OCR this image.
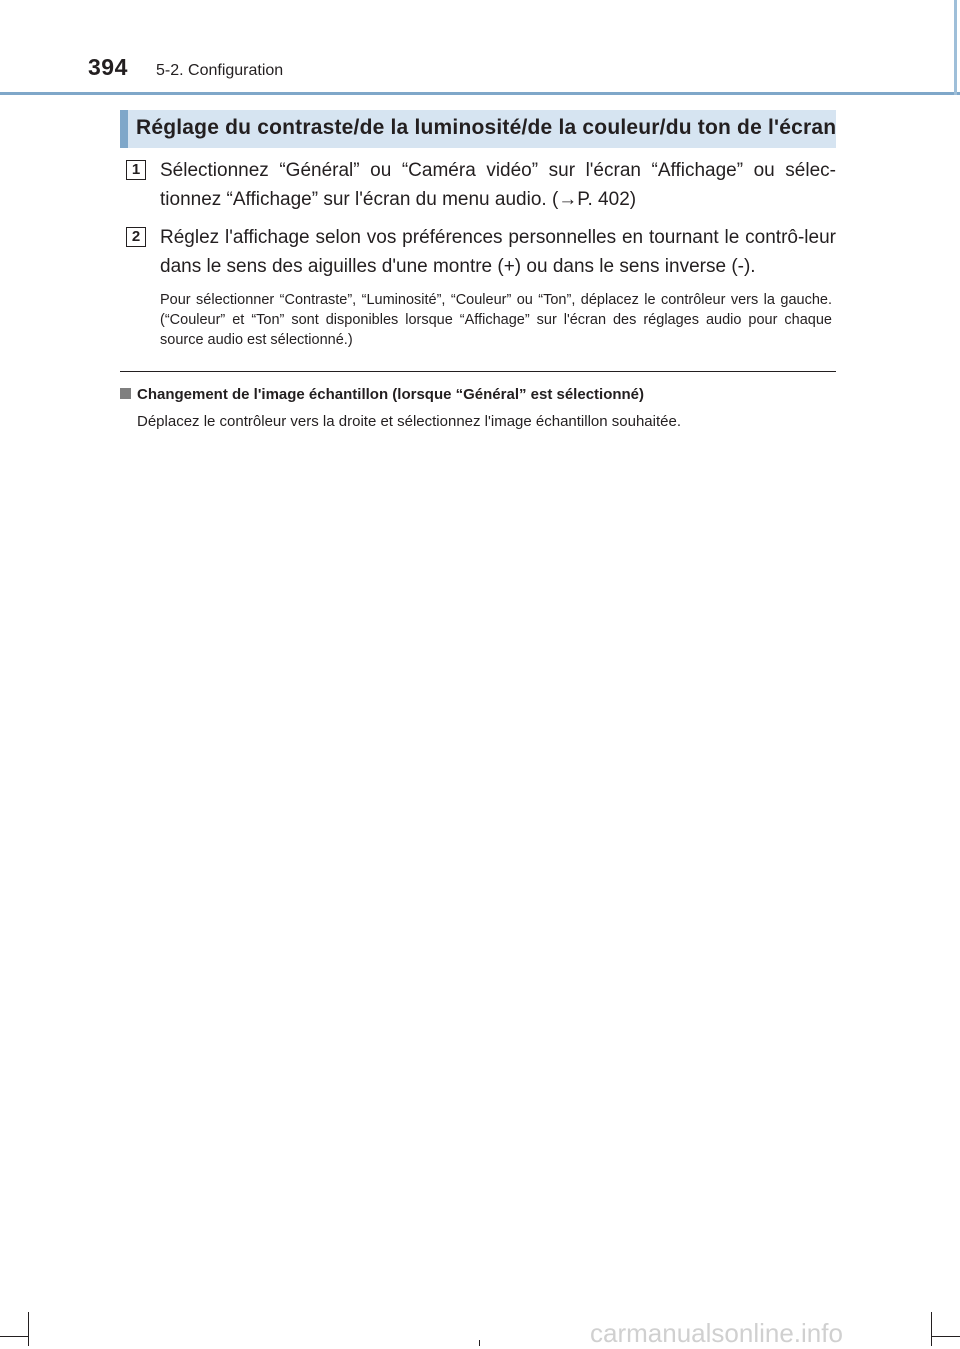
394 5-2. Configuration
Réglage du contraste/de la luminosité/de la couleur/du ton de l'écran
1	Sélectionnez “Général” ou “Caméra vidéo” sur l'écran “Affichage” ou sélec-tionnez “Affichage” sur l'écran du menu audio. (→P. 402)

2	Réglez l'affichage selon vos préférences personnelles en tournant le contrô-leur dans le sens des aiguilles d'une montre (+) ou dans le sens inverse (-).

Pour sélectionner “Contraste”, “Luminosité”, “Couleur” ou “Ton”, déplacez le contrôleur vers la gauche. (“Couleur” et “Ton” sont disponibles lorsque “Affichage” sur l'écran des réglages audio pour chaque source audio est sélectionné.)

Changement de l'image échantillon (lorsque “Général” est sélectionné)

Déplacez le contrôleur vers la droite et sélectionnez l'image échantillon souhaitée.

carmanualsonline.info
